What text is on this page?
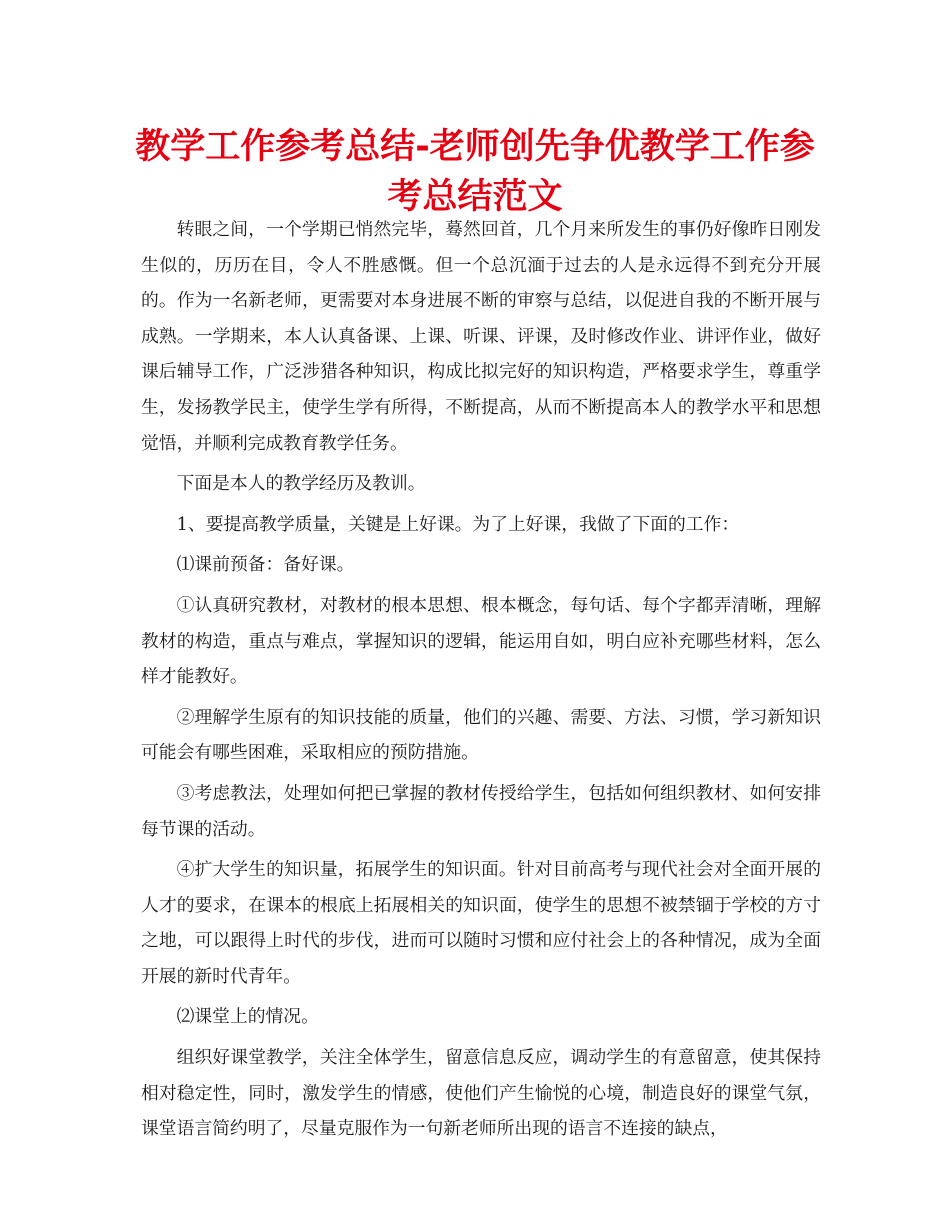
教学工作参考总结-老师创先争优教学工作参考总结范文

转眼之间，一个学期已悄然完毕，蓦然回首，几个月来所发生的事仍好像昨日刚发生似的，历历在目，令人不胜感慨。但一个总沉湎于过去的人是永远得不到充分开展的。作为一名新老师，更需要对本身进展不断的审察与总结，以促进自我的不断开展与成熟。一学期来，本人认真备课、上课、听课、评课，及时修改作业、讲评作业，做好课后辅导工作，广泛涉猎各种知识，构成比拟完好的知识构造，严格要求学生，尊重学生，发扬教学民主，使学生学有所得，不断提高，从而不断提高本人的教学水平和思想觉悟，并顺利完成教育教学任务。

下面是本人的教学经历及教训。

1、要提高教学质量，关键是上好课。为了上好课，我做了下面的工作：

⑴课前预备：备好课。

①认真研究教材，对教材的根本思想、根本概念，每句话、每个字都弄清晰，理解教材的构造，重点与难点，掌握知识的逻辑，能运用自如，明白应补充哪些材料，怎么样才能教好。

②理解学生原有的知识技能的质量，他们的兴趣、需要、方法、习惯，学习新知识可能会有哪些困难，采取相应的预防措施。

③考虑教法，处理如何把已掌握的教材传授给学生，包括如何组织教材、如何安排每节课的活动。

④扩大学生的知识量，拓展学生的知识面。针对目前高考与现代社会对全面开展的人才的要求，在课本的根底上拓展相关的知识面，使学生的思想不被禁锢于学校的方寸之地，可以跟得上时代的步伐，进而可以随时习惯和应付社会上的各种情况，成为全面开展的新时代青年。

⑵课堂上的情况。

组织好课堂教学，关注全体学生，留意信息反应，调动学生的有意留意，使其保持相对稳定性，同时，激发学生的情感，使他们产生愉悦的心境，制造良好的课堂气氛，课堂语言简约明了，尽量克服作为一句新老师所出现的语言不连接的缺点，
